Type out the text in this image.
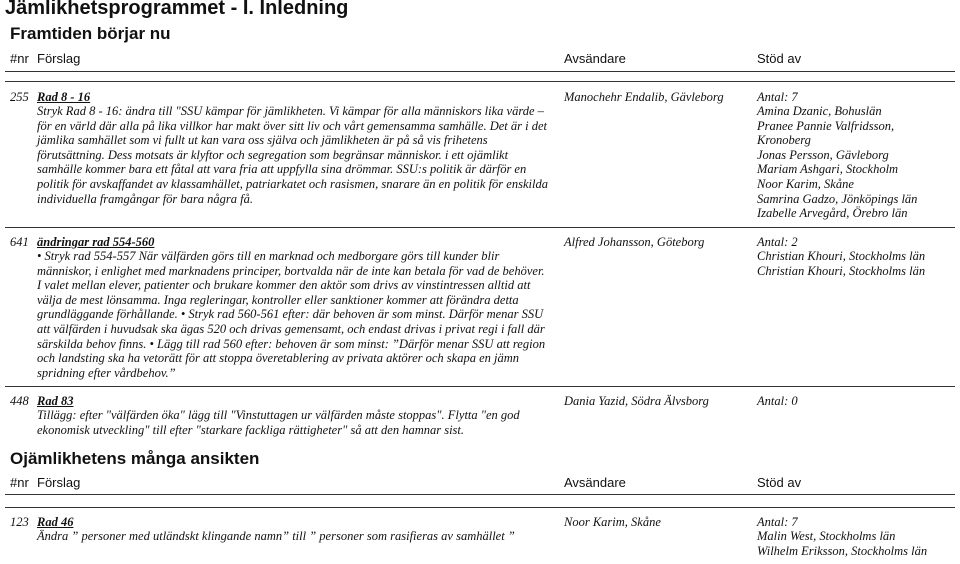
Jämlikhetsprogrammet - I. Inledning
Framtiden börjar nu
#nr Förslag	Avsändare	Stöd av
255 Rad 8 - 16	Manochehr Endalib, Gävleborg	Antal: 7
Stryk Rad 8 - 16: ändra till "SSU kämpar för jämlikheten. Vi kämpar för alla människors lika värde –
för en värld där alla på lika villkor har makt över sitt liv och vårt gemensamma samhälle. Det är i det
jämlika samhället som vi fullt ut kan vara oss själva och jämlikheten är på så vis frihetens
förutsättning. Dess motsats är klyftor och segregation som begränsar människor. i ett ojämlikt
samhälle kommer bara ett fåtal att vara fria att uppfylla sina drömmar. SSU:s politik är därför en
politik för avskaffandet av klassamhället, patriarkatet och rasismen, snarare än en politik för enskilda
individuella framgångar för bara några få.
Amina Dzanic, Bohuslän
Pranee Pannie Valfridsson,
Kronoberg
Jonas Persson, Gävleborg
Mariam Ashgari, Stockholm
Noor Karim, Skåne
Samrina Gadzo, Jönköpings län
Izabelle Arvegård, Örebro län
641 ändringar rad 554-560	Alfred Johansson, Göteborg	Antal: 2
• Stryk rad 554-557 När välfärden görs till en marknad och medborgare görs till kunder blir
människor, i enlighet med marknadens principer, bortvalda när de inte kan betala för vad de behöver.
I valet mellan elever, patienter och brukare kommer den aktör som drivs av vinstintressen alltid att
välja de mest lönsamma. Inga regleringar, kontroller eller sanktioner kommer att förändra detta
grundläggande förhållande. • Stryk rad 560-561 efter: där behoven är som minst. Därför menar SSU
att välfärden i huvudsak ska ägas 520 och drivas gemensamt, och endast drivas i privat regi i fall där
särskilda behov finns. • Lägg till rad 560 efter: behoven är som minst: ”Därför menar SSU att region
och landsting ska ha vetorätt för att stoppa överetablering av privata aktörer och skapa en jämn
spridning efter vårdbehov.”
Christian Khouri, Stockholms län
Christian Khouri, Stockholms län
448 Rad 83	Dania Yazid, Södra Älvsborg	Antal: 0
Tillägg: efter "välfärden öka" lägg till "Vinstuttagen ur välfärden måste stoppas". Flytta "en god
ekonomisk utveckling" till efter "starkare fackliga rättigheter" så att den hamnar sist.
Ojämlikhetens många ansikten
#nr Förslag	Avsändare	Stöd av
123 Rad 46	Noor Karim, Skåne	Antal: 7
Ändra ” personer med utländskt klingande namn” till ” personer som rasifieras av samhället ”	Malin West, Stockholms län
Wilhelm Eriksson, Stockholms län
